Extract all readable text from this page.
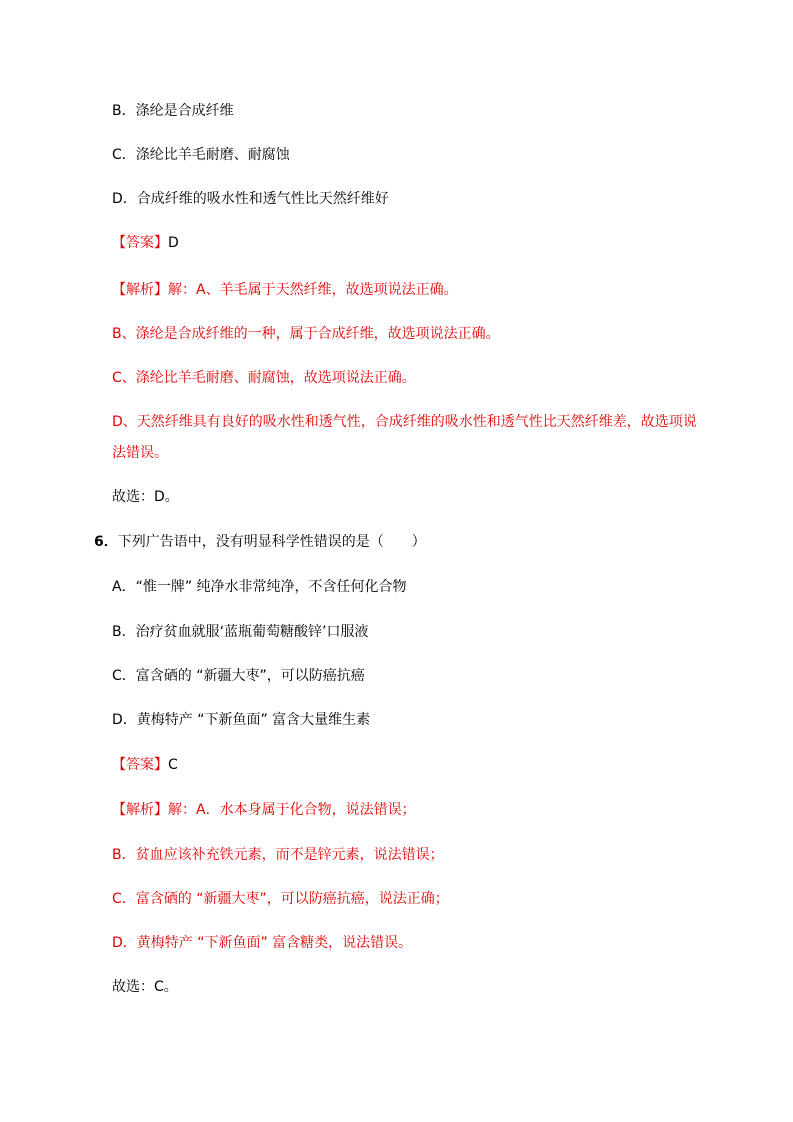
B．涤纶是合成纤维
C．涤纶比羊毛耐磨、耐腐蚀
D．合成纤维的吸水性和透气性比天然纤维好
【答案】D
【解析】解：A、羊毛属于天然纤维，故选项说法正确。
B、涤纶是合成纤维的一种，属于合成纤维，故选项说法正确。
C、涤纶比羊毛耐磨、耐腐蚀，故选项说法正确。
D、天然纤维具有良好的吸水性和透气性，合成纤维的吸水性和透气性比天然纤维差，故选项说
法错误。
故选：D。
6．下列广告语中，没有明显科学性错误的是（　　）
A．“惟一牌” 纯净水非常纯净，不含任何化合物
B．治疗贫血就服‘蓝瓶葡萄糖酸锌’口服液
C．富含硒的 “新疆大枣”，可以防癌抗癌
D．黄梅特产 “下新鱼面” 富含大量维生素
【答案】C
【解析】解：A．水本身属于化合物，说法错误；
B．贫血应该补充铁元素，而不是锌元素，说法错误；
C．富含硒的 “新疆大枣”，可以防癌抗癌，说法正确；
D．黄梅特产 “下新鱼面” 富含糖类，说法错误。
故选：C。
